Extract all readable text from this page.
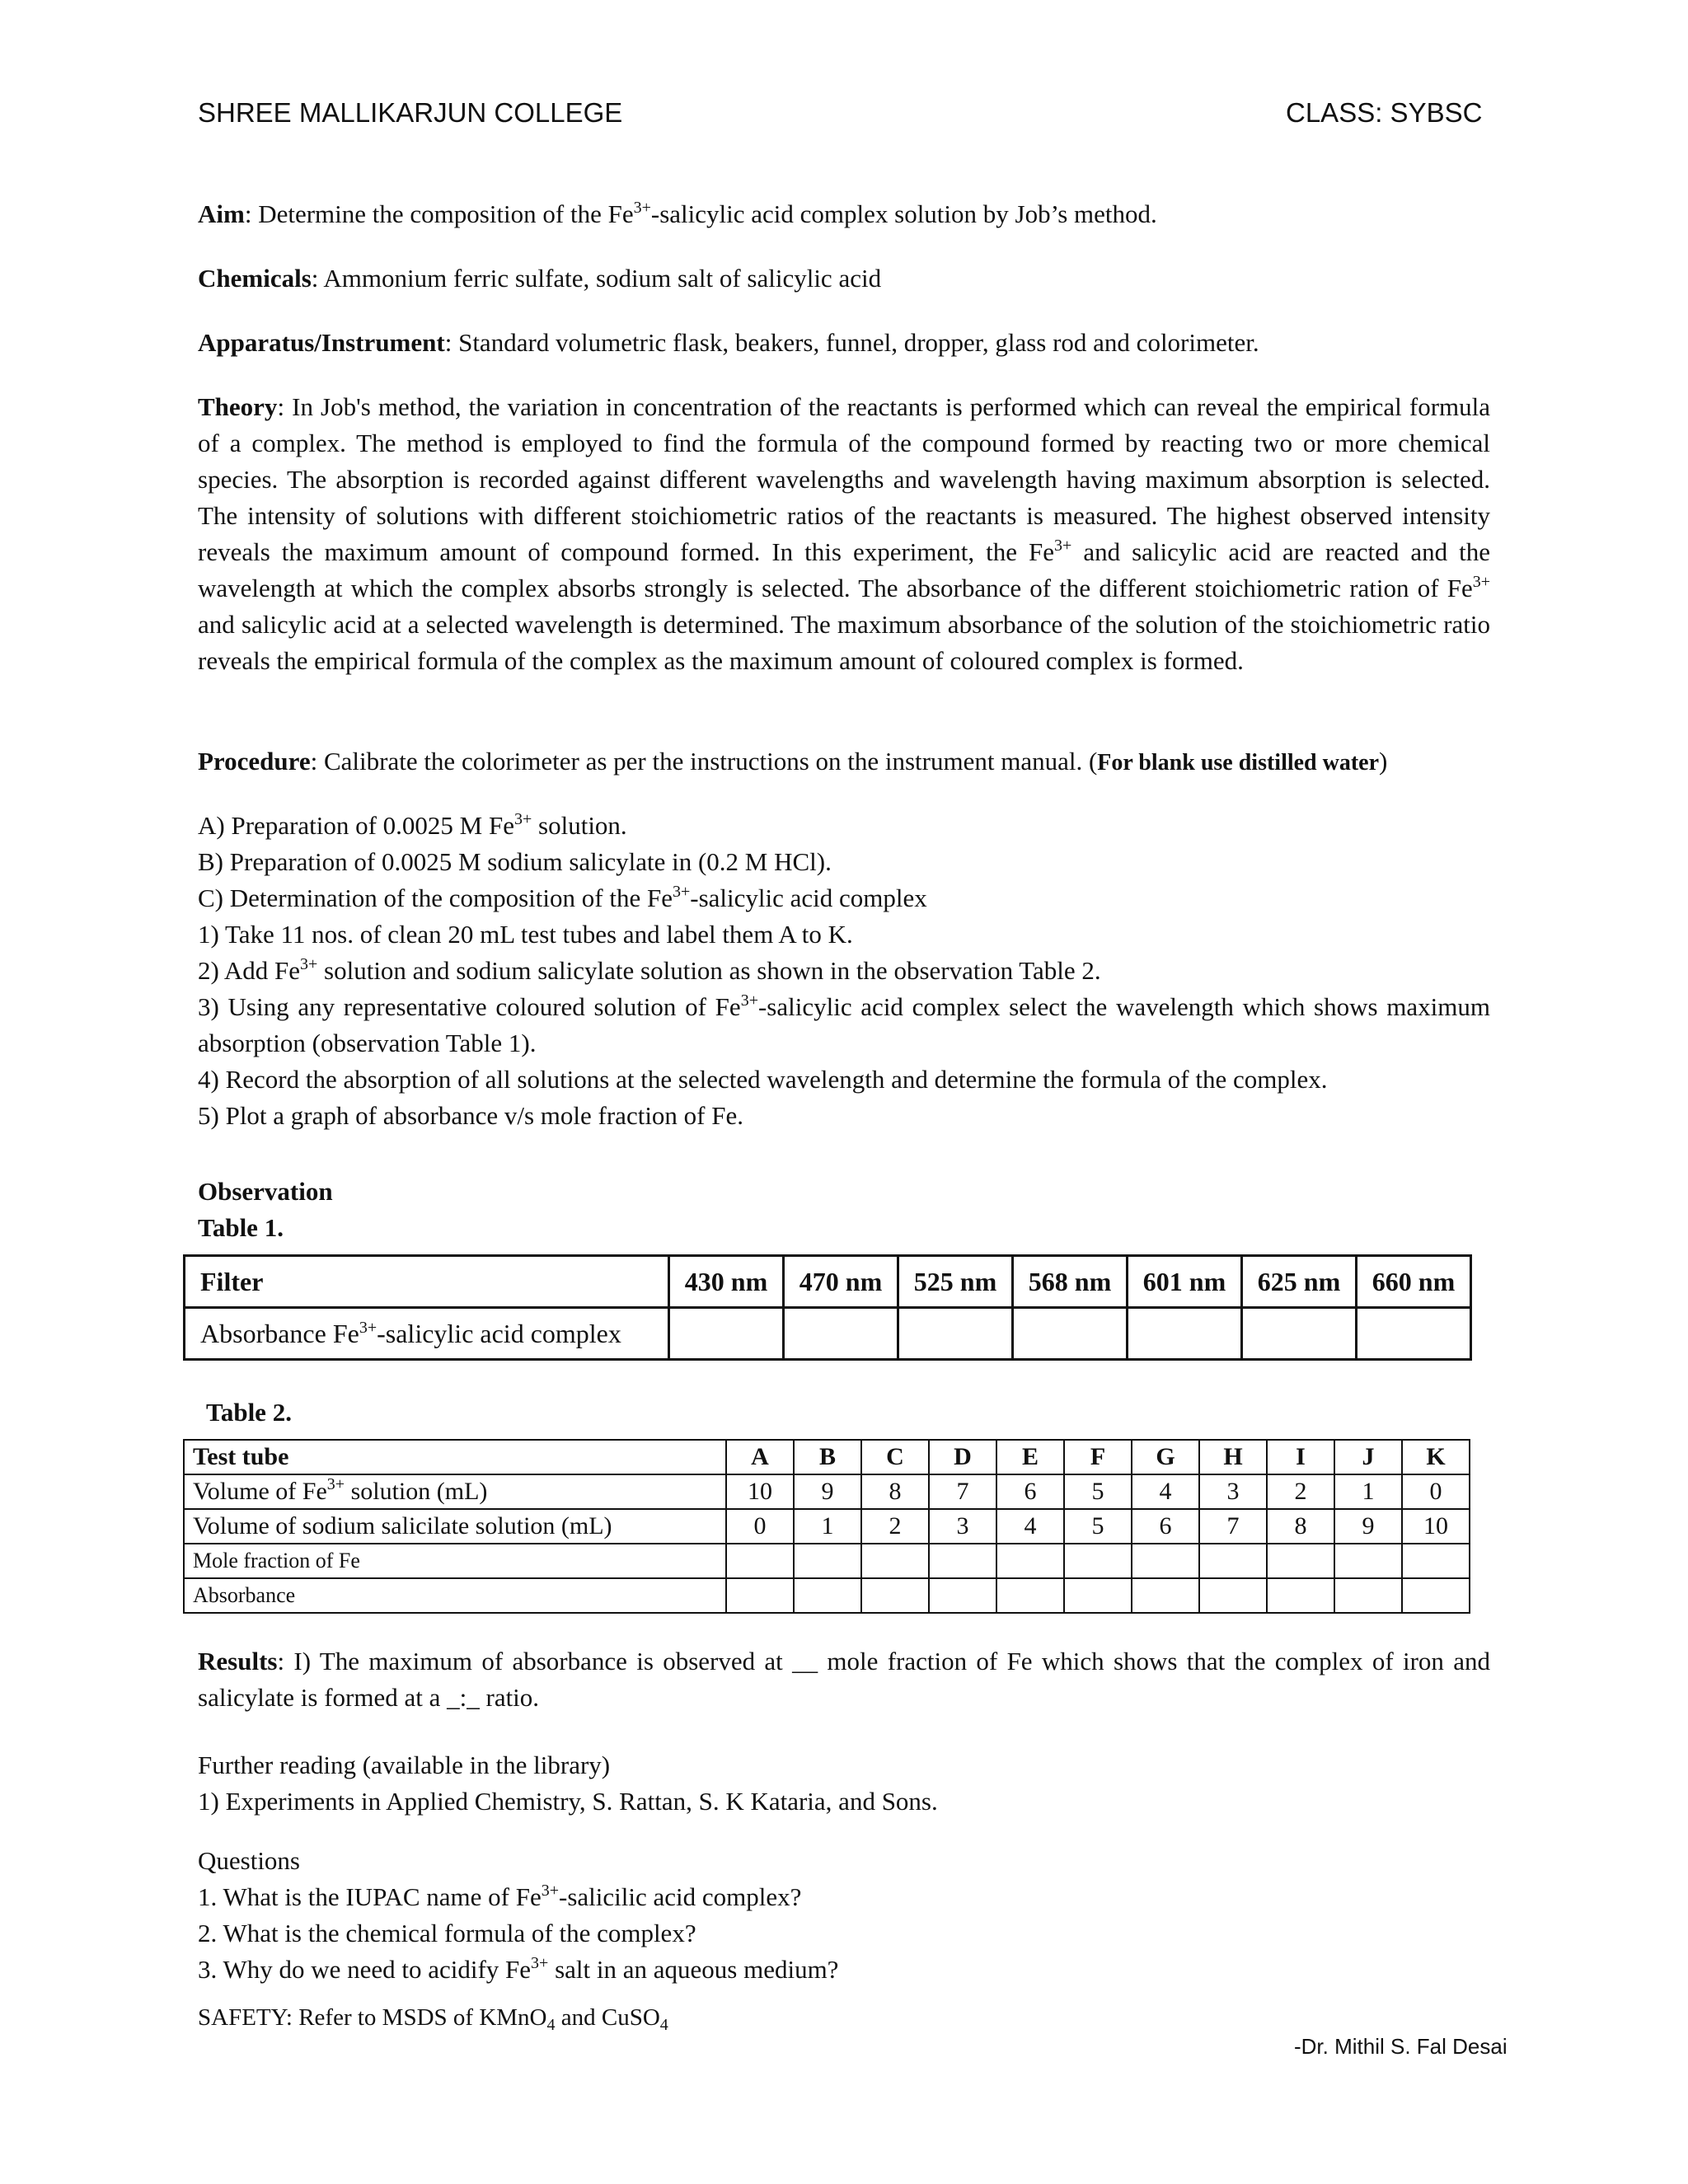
SHREE MALLIKARJUN COLLEGE	CLASS: SYBSC
Aim: Determine the composition of the $Fe^{3+}$-salicylic acid complex solution by Job’s method.
Chemicals: Ammonium ferric sulfate, sodium salt of salicylic acid
Apparatus/Instrument: Standard volumetric flask, beakers, funnel, dropper, glass rod and colorimeter.
Theory: In Job's method, the variation in concentration of the reactants is performed which can reveal the empirical formula of a complex. The method is employed to find the formula of the compound formed by reacting two or more chemical species. The absorption is recorded against different wavelengths and wavelength having maximum absorption is selected. The intensity of solutions with different stoichiometric ratios of the reactants is measured. The highest observed intensity reveals the maximum amount of compound formed. In this experiment, the $Fe^{3+}$ and salicylic acid are reacted and the wavelength at which the complex absorbs strongly is selected. The absorbance of the different stoichiometric ration of $Fe^{3+}$ and salicylic acid at a selected wavelength is determined. The maximum absorbance of the solution of the stoichiometric ratio reveals the empirical formula of the complex as the maximum amount of coloured complex is formed.
Procedure: Calibrate the colorimeter as per the instructions on the instrument manual. (For blank use distilled water)
A) Preparation of 0.0025 M $Fe^{3+}$ solution.
B) Preparation of 0.0025 M sodium salicylate in (0.2 M HCl).
C) Determination of the composition of the $Fe^{3+}$-salicylic acid complex
1) Take 11 nos. of clean 20 mL test tubes and label them A to K.
2) Add $Fe^{3+}$ solution and sodium salicylate solution as shown in the observation Table 2.
3) Using any representative coloured solution of $Fe^{3+}$-salicylic acid complex select the wavelength which shows maximum absorption (observation Table 1).
4) Record the absorption of all solutions at the selected wavelength and determine the formula of the complex.
5) Plot a graph of absorbance v/s mole fraction of Fe.
Observation
Table 1.
Filter	430 nm	470 nm	525 nm	568 nm	601 nm	625 nm	660 nm
Absorbance $Fe^{3+}$-salicylic acid complex							
Table 2.
Test tube	A	B	C	D	E	F	G	H	I	J	K
Volume of $Fe^{3+}$ solution (mL)	10	9	8	7	6	5	4	3	2	1	0
Volume of sodium salicilate solution (mL)	0	1	2	3	4	5	6	7	8	9	10
Mole fraction of Fe											
Absorbance											
Results: I) The maximum of absorbance is observed at __ mole fraction of Fe which shows that the complex of iron and salicylate is formed at a _:_ ratio.
Further reading (available in the library)
1) Experiments in Applied Chemistry, S. Rattan, S. K Kataria, and Sons.
Questions
1. What is the IUPAC name of $Fe^{3+}$-salicilic acid complex?
2. What is the chemical formula of the complex?
3. Why do we need to acidify $Fe^{3+}$ salt in an aqueous medium?
SAFETY: Refer to MSDS of KMnO$_4$ and CuSO$_4$
-Dr. Mithil S. Fal Desai
